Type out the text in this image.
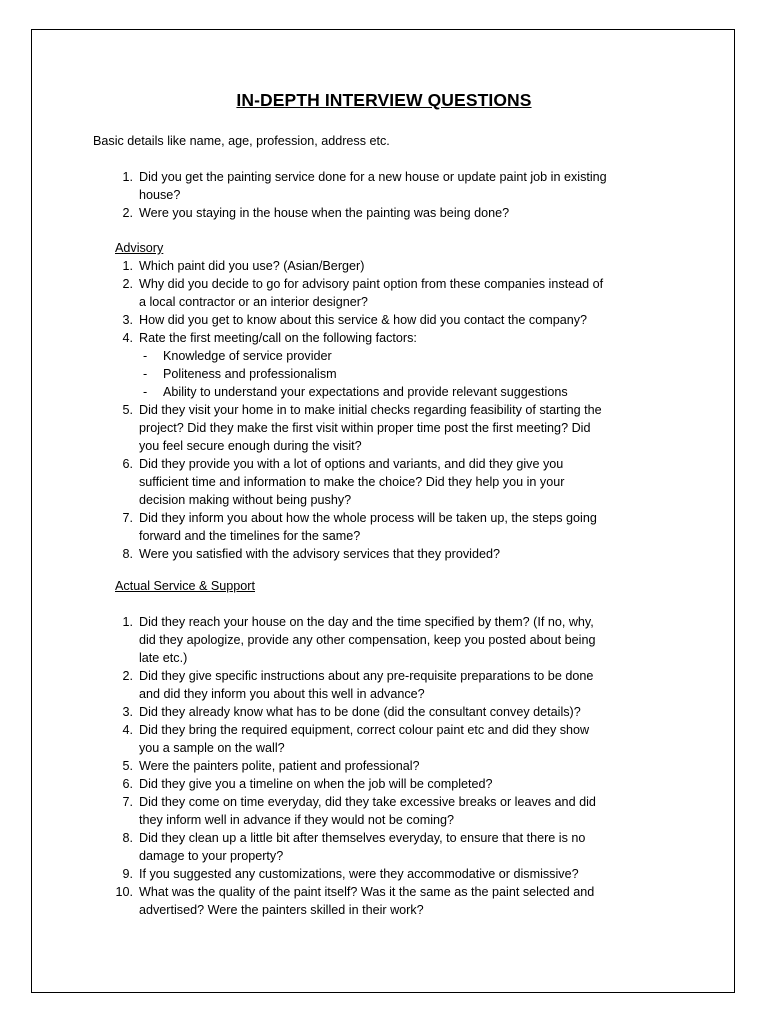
IN-DEPTH INTERVIEW QUESTIONS
Basic details like name, age, profession, address etc.
1 . Did you get the painting service done for a new house or update paint job in existing
house?
2 . Were you staying in the house when the painting was being done?
Advisory
1 . Which paint did you use? (Asian/Berger)
2 . Why did you decide to go for advisory paint option from these companies instead of
a local contractor or an interior designer?
3 . How did you get to know about this service & how did you contact the company?
4 . Rate the first meeting/call on the following factors:
- Knowledge of service provider
- Politeness and professionalism
- Ability to understand your expectations and provide relevant suggestions
5 . Did they visit your home in to make initial checks regarding feasibility of starting the
project? Did they make the first visit within proper time post the first meeting? Did
you feel secure enough during the visit?
6 . Did they provide you with a lot of options and variants, and did they give you
sufficient time and information to make the choice? Did they help you in your
decision making without being pushy?
7 . Did they inform you about how the whole process will be taken up, the steps going
forward and the timelines for the same?
8 . Were you satisfied with the advisory services that they provided?
Actual Service & Support
1 . Did they reach your house on the day and the time specified by them? (If no, why,
did they apologize, provide any other compensation, keep you posted about being
late etc.)
2 . Did they give specific instructions about any pre-requisite preparations to be done
and did they inform you about this well in advance?
3 . Did they already know what has to be done (did the consultant convey details)?
4 . Did they bring the required equipment, correct colour paint etc and did they show
you a sample on the wall?
5 . Were the painters polite, patient and professional?
6 . Did they give you a timeline on when the job will be completed?
7 . Did they come on time everyday, did they take excessive breaks or leaves and did
they inform well in advance if they would not be coming?
8 . Did they clean up a little bit after themselves everyday, to ensure that there is no
damage to your property?
9 . If you suggested any customizations, were they accommodative or dismissive?
10 . What was the quality of the paint itself? Was it the same as the paint selected and
advertised? Were the painters skilled in their work?
